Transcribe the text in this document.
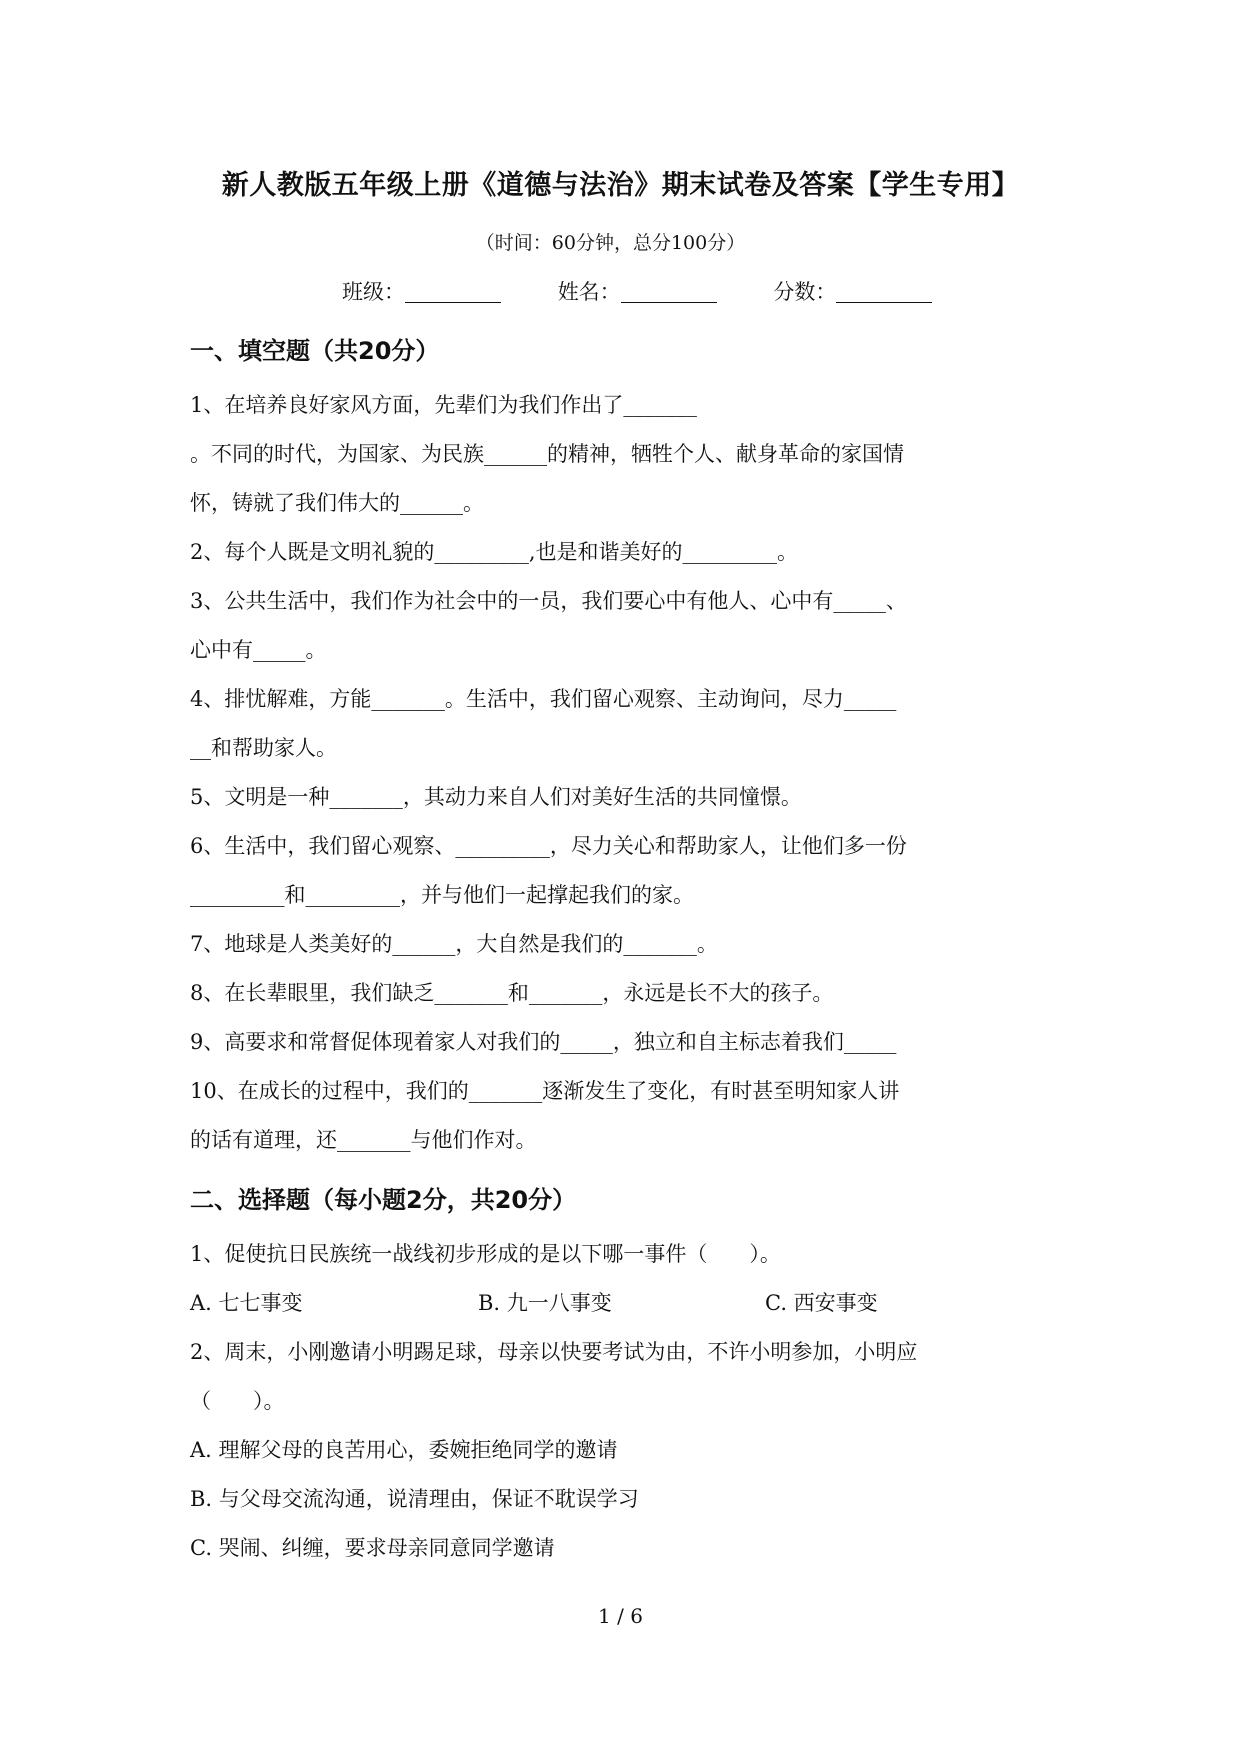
新人教版五年级上册《道德与法治》期末试卷及答案【学生专用】
（时间：60分钟，总分100分）
班级：	姓名：	分数：
一、填空题（共20分）
1、在培养良好家风方面，先辈们为我们作出了_______
。不同的时代，为国家、为民族______的精神，牺牲个人、献身革命的家国情
怀，铸就了我们伟大的______。
2、每个人既是文明礼貌的_________,也是和谐美好的_________。
3、公共生活中，我们作为社会中的一员，我们要心中有他人、心中有_____、
心中有_____。
4、排忧解难，方能_______。生活中，我们留心观察、主动询问，尽力_____
__和帮助家人。
5、文明是一种_______，其动力来自人们对美好生活的共同憧憬。
6、生活中，我们留心观察、_________，尽力关心和帮助家人，让他们多一份
_________和_________，并与他们一起撑起我们的家。
7、地球是人类美好的______，大自然是我们的_______。
8、在长辈眼里，我们缺乏_______和_______，永远是长不大的孩子。
9、高要求和常督促体现着家人对我们的_____，独立和自主标志着我们_____
10、在成长的过程中，我们的_______逐渐发生了变化，有时甚至明知家人讲
的话有道理，还_______与他们作对。
二、选择题（每小题2分，共20分）
1、促使抗日民族统一战线初步形成的是以下哪一事件（　　）。
A. 七七事变	B. 九一八事变	C. 西安事变
2、周末，小刚邀请小明踢足球，母亲以快要考试为由，不许小明参加，小明应
（　　）。
A. 理解父母的良苦用心，委婉拒绝同学的邀请
B. 与父母交流沟通，说清理由，保证不耽误学习
C. 哭闹、纠缠，要求母亲同意同学邀请
1 / 6
